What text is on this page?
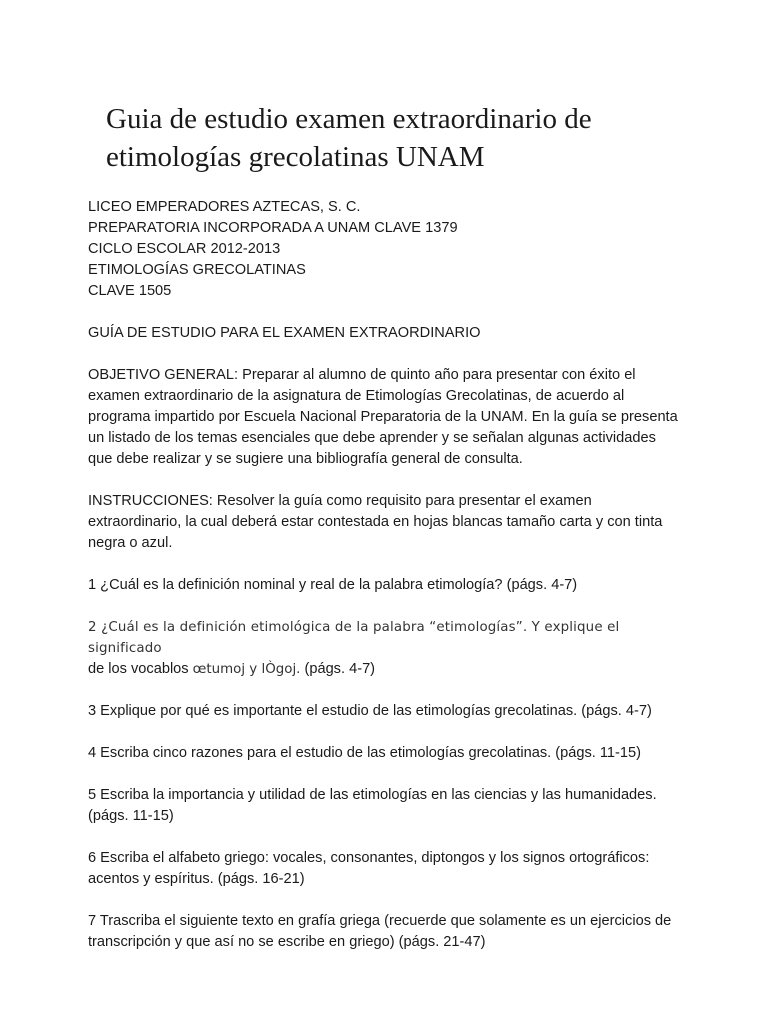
Guia de estudio examen extraordinario de
etimologías grecolatinas UNAM
LICEO EMPERADORES AZTECAS, S. C.
PREPARATORIA INCORPORADA A UNAM CLAVE 1379
CICLO ESCOLAR 2012-2013
ETIMOLOGÍAS GRECOLATINAS
CLAVE 1505
GUÍA DE ESTUDIO PARA EL EXAMEN EXTRAORDINARIO
OBJETIVO GENERAL: Preparar al alumno de quinto año para presentar con éxito el examen extraordinario de la asignatura de Etimologías Grecolatinas, de acuerdo al programa impartido por Escuela Nacional Preparatoria de la UNAM. En la guía se presenta un listado de los temas esenciales que debe aprender y se señalan algunas actividades que debe realizar y se sugiere una bibliografía general de consulta.
INSTRUCCIONES: Resolver la guía como requisito para presentar el examen extraordinario, la cual deberá estar contestada en hojas blancas tamaño carta y con tinta negra o azul.
1 ¿Cuál es la definición nominal y real de la palabra etimología? (págs. 4-7)
2 ¿Cuál es la definición etimológica de la palabra “etimologías”. Y explique el significado
de los vocablos œtumoj y lÒgoj. (págs. 4-7)
3 Explique por qué es importante el estudio de las etimologías grecolatinas. (págs. 4-7)
4 Escriba cinco razones para el estudio de las etimologías grecolatinas. (págs. 11-15)
5 Escriba la importancia y utilidad de las etimologías en las ciencias y las humanidades. (págs. 11-15)
6 Escriba el alfabeto griego: vocales, consonantes, diptongos y los signos ortográficos: acentos y espíritus. (págs. 16-21)
7 Trascriba el siguiente texto en grafía griega (recuerde que solamente es un ejercicios de transcripción y que así no se escribe en griego) (págs. 21-47)
